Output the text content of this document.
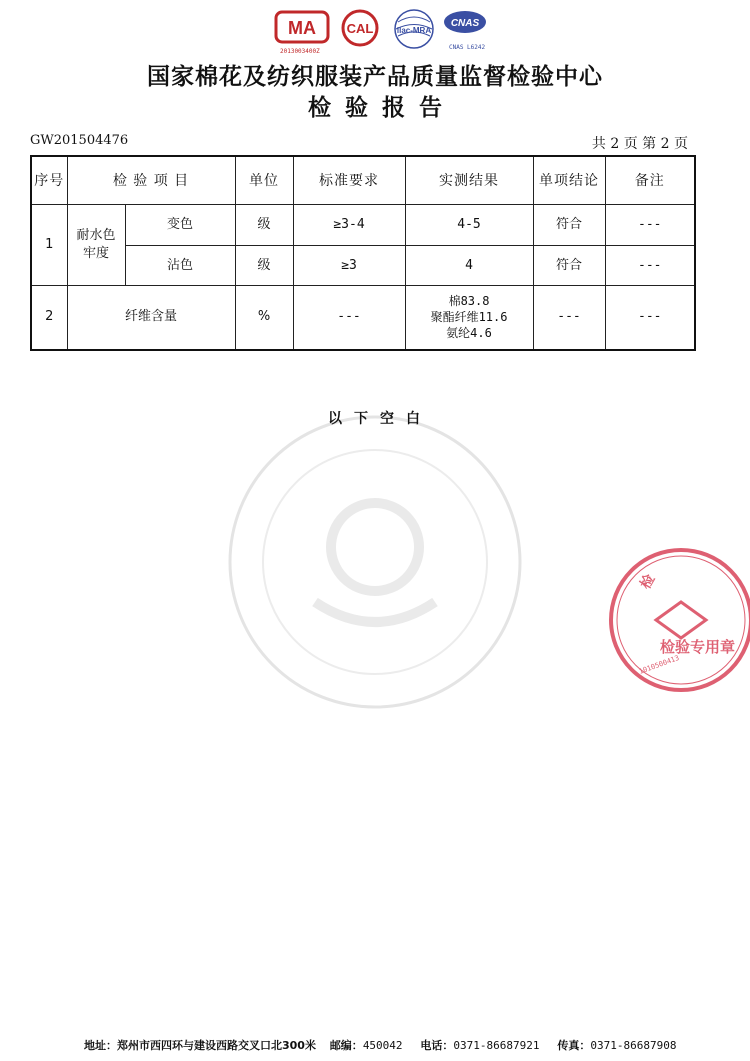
MA
2013003400Z
CAL	ilac-MRA
CNAS
CNAS L6242
国家棉花及纺织服装产品质量监督检验中心
检验报告
GW201504476	共 2 页 第 2 页
序号	检 验 项 目		单位	标准要求	实测结果	单项结论	备注
1	耐水色牢度	变色	级	≥3-4	4-5	符合	---
		沾色	级	≥3	4	符合	---
2	纤维含量		%	---	棉83.8
聚酯纤维11.6
氨纶4.6	---	---
以下空白
检
检验专用章
1010500413
地址：郑州市西四环与建设西路交叉口北300米 邮编：450042 电话：0371-86687921 传真：0371-86687908
